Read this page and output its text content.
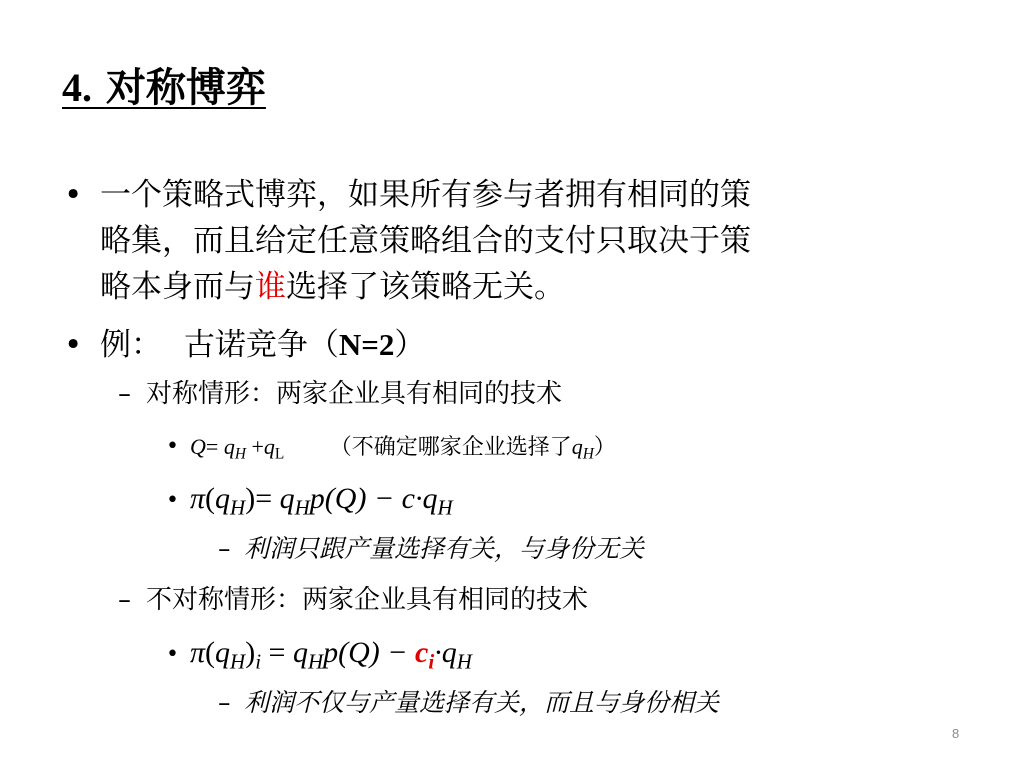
4. 对称博弈
• 一个策略式博弈，如果所有参与者拥有相同的策
略集，而且给定任意策略组合的支付只取决于策
略本身而与谁选择了该策略无关。
• 例： 古诺竞争（N=2）
– 对称情形：两家企业具有相同的技术
• $Q= q_H +q_L$ （不确定哪家企业选择了$q_H$）
• $\pi(q_H)= q_Hp(Q) - c\cdot q_H$
– 利润只跟产量选择有关，与身份无关
– 不对称情形：两家企业具有相同的技术
• $\pi(q_H)_i = q_Hp(Q) - c_i\cdot q_H$
– 利润不仅与产量选择有关，而且与身份相关
8
